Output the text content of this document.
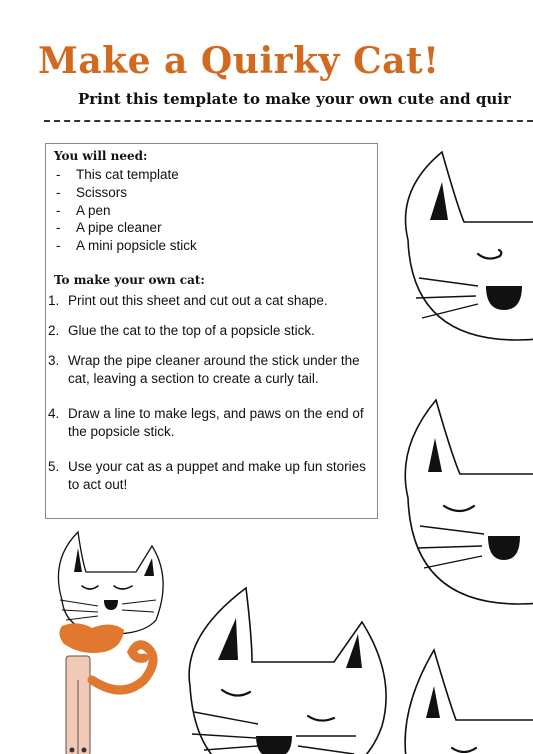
Make a Quirky Cat!
Print this template to make your own cute and quir
You will need:
- This cat template
- Scissors
- A pen
- A pipe cleaner
- A mini popsicle stick
To make your own cat:
1. Print out this sheet and cut out a cat shape.
2. Glue the cat to the top of a popsicle stick.
3. Wrap the pipe cleaner around the stick under the cat, leaving a section to create a curly tail.
4. Draw a line to make legs, and paws on the end of the popsicle stick.
5. Use your cat as a puppet and make up fun stories to act out!
